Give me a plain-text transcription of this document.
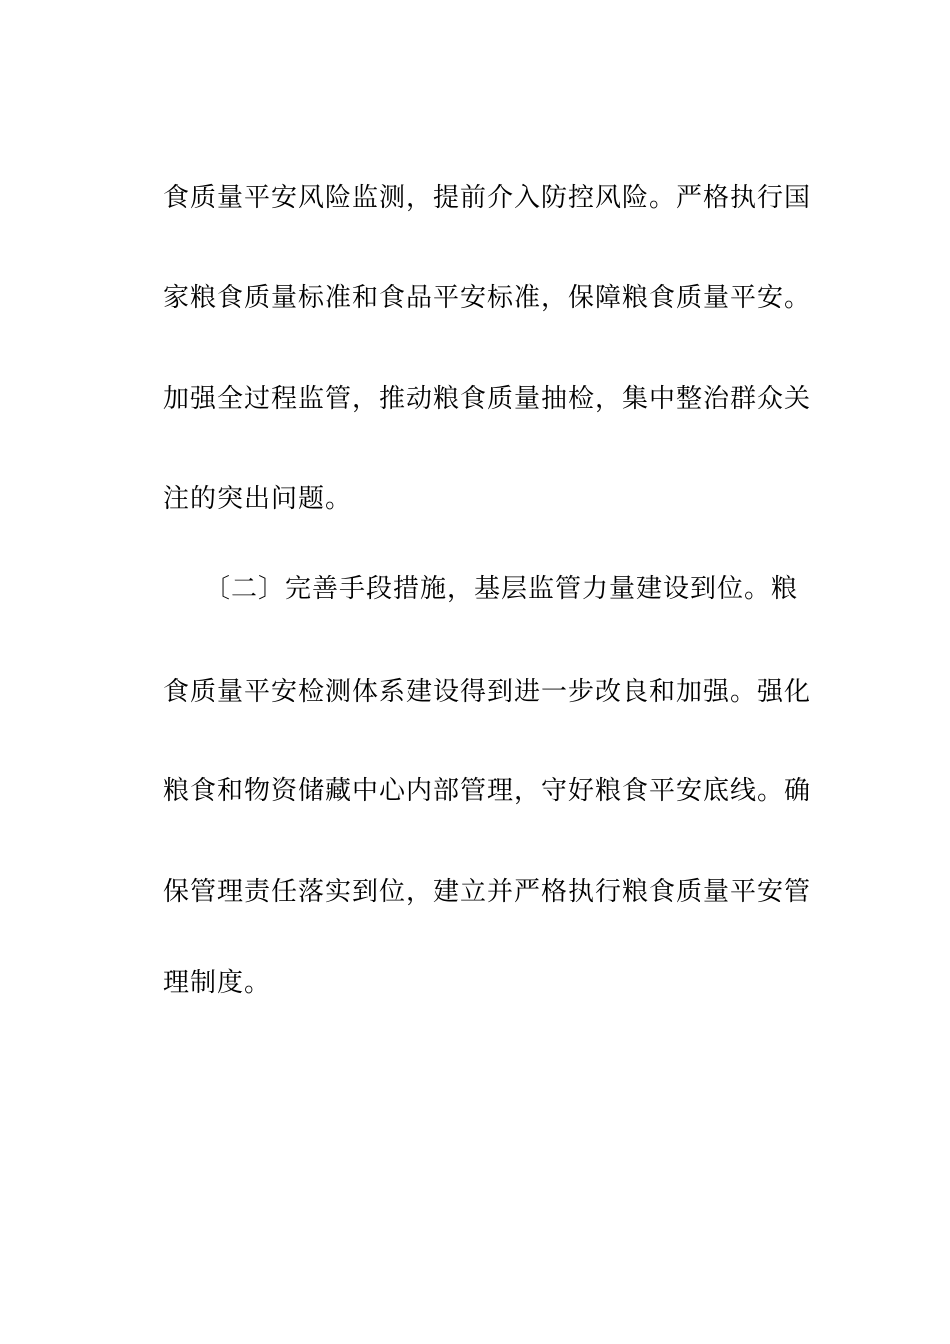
食质量平安风险监测，提前介入防控风险。严格执行国
家粮食质量标准和食品平安标准，保障粮食质量平安。
加强全过程监管，推动粮食质量抽检，集中整治群众关
注的突出问题。
　　〔二〕完善手段措施，基层监管力量建设到位。粮
食质量平安检测体系建设得到进一步改良和加强。强化
粮食和物资储藏中心内部管理，守好粮食平安底线。确
保管理责任落实到位，建立并严格执行粮食质量平安管
理制度。
